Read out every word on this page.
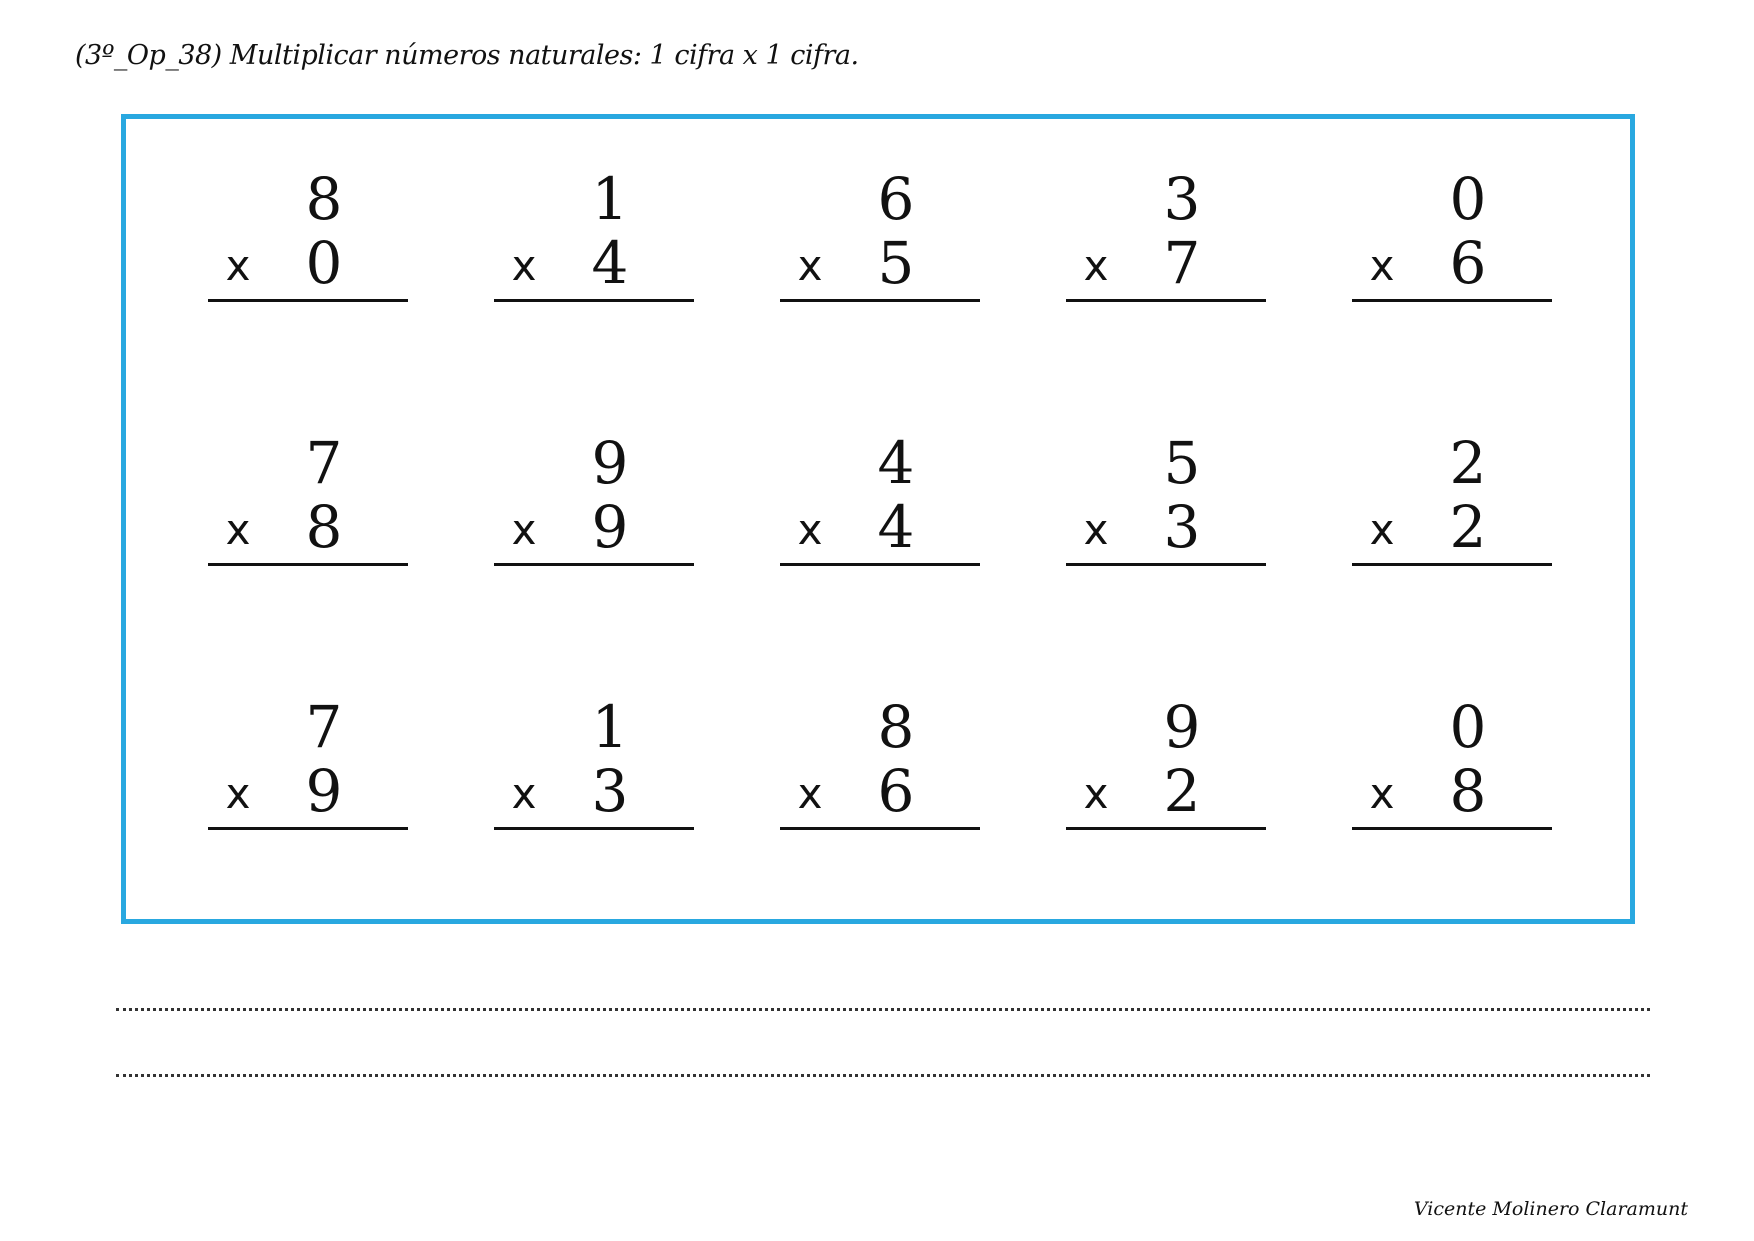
(3º_Op_38) Multiplicar números naturales: 1 cifra x 1 cifra.
8
x 0
1
x 4
6
x 5
3
x 7
0
x 6
7
x 8
9
x 9
4
x 4
5
x 3
2
x 2
7
x 9
1
x 3
8
x 6
9
x 2
0
x 8
Vicente Molinero Claramunt
